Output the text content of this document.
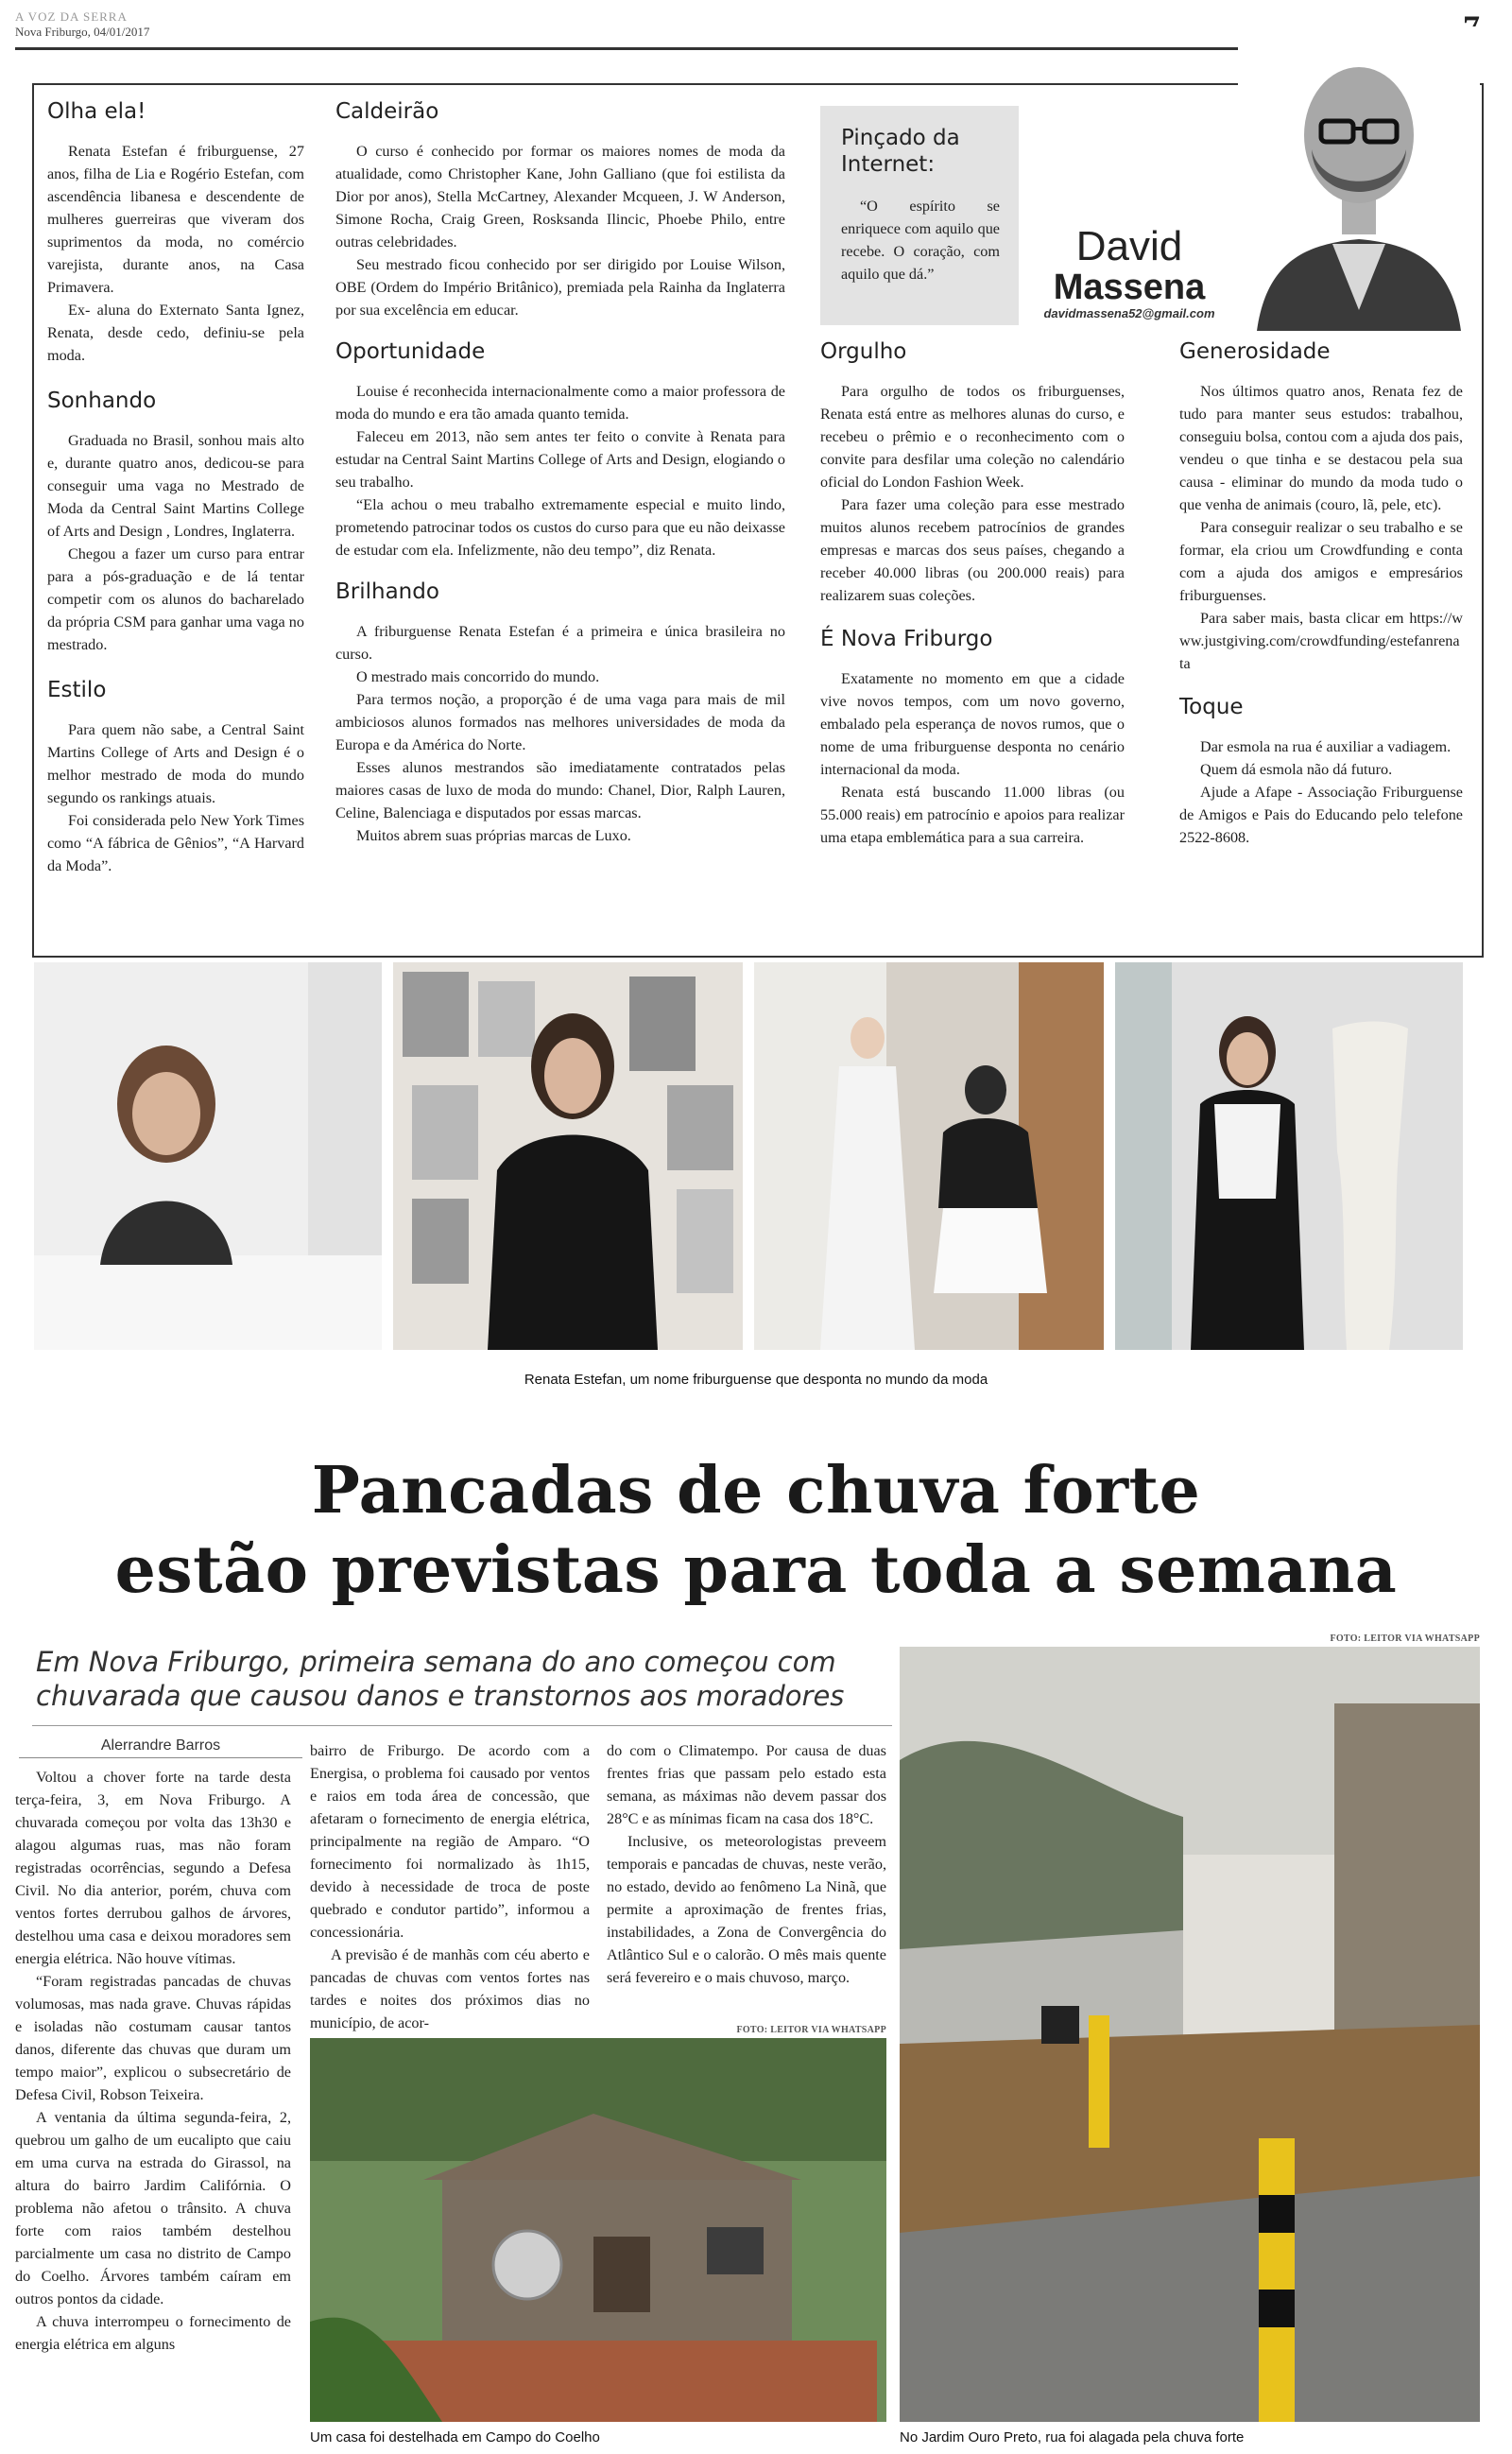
A VOZ DA SERRA
Nova Friburgo, 04/01/2017
Olha ela!

Renata Estefan é friburguense, 27 anos, filha de Lia e Rogério Estefan, com ascendência libanesa e descendente de mulheres guerreiras que viveram dos suprimentos da moda, no comércio varejista, durante anos, na Casa Primavera.

Ex- aluna do Externato Santa Ignez, Renata, desde cedo, definiu-se pela moda.

Sonhando

Graduada no Brasil, sonhou mais alto e, durante quatro anos, dedicou-se para conseguir uma vaga no Mestrado de Moda da Central Saint Martins College of Arts and Design , Londres, Inglaterra.

Chegou a fazer um curso para entrar para a pós-graduação e de lá tentar competir com os alunos do bacharelado da própria CSM para ganhar uma vaga no mestrado.

Estilo

Para quem não sabe, a Central Saint Martins College of Arts and Design é o melhor mestrado de moda do mundo segundo os rankings atuais.

Foi considerada pelo New York Times como “A fábrica de Gênios”, “A Harvard da Moda”.

Caldeirão

O curso é conhecido por formar os maiores nomes de moda da atualidade, como Christopher Kane, John Galliano (que foi estilista da Dior por anos), Stella McCartney, Alexander Mcqueen, J. W Anderson, Simone Rocha, Craig Green, Rosksanda Ilincic, Phoebe Philo, entre outras celebridades.

Seu mestrado ficou conhecido por ser dirigido por Louise Wilson, OBE (Ordem do Império Britânico), premiada pela Rainha da Inglaterra por sua excelência em educar.

Oportunidade

Louise é reconhecida internacionalmente como a maior professora de moda do mundo e era tão amada quanto temida.

Faleceu em 2013, não sem antes ter feito o convite à Renata para estudar na Central Saint Martins College of Arts and Design, elogiando o seu trabalho.

“Ela achou o meu trabalho extremamente especial e muito lindo, prometendo patrocinar todos os custos do curso para que eu não deixasse de estudar com ela. Infelizmente, não deu tempo”, diz Renata.

Brilhando

A friburguense Renata Estefan é a primeira e única brasileira no curso.

O mestrado mais concorrido do mundo.

Para termos noção, a proporção é de uma vaga para mais de mil ambiciosos alunos formados nas melhores universidades de moda da Europa e da América do Norte.

Esses alunos mestrandos são imediatamente contratados pelas maiores casas de luxo de moda do mundo: Chanel, Dior, Ralph Lauren, Celine, Balenciaga e disputados por essas marcas.

Muitos abrem suas próprias marcas de Luxo.

Pinçado da Internet:

“O espírito se enriquece com aquilo que recebe. O coração, com aquilo que dá.”

David
Massena
davidmassena52@gmail.com
Orgulho

Para orgulho de todos os friburguenses, Renata está entre as melhores alunas do curso, e recebeu o prêmio e o reconhecimento com o convite para desfilar uma coleção no calendário oficial do London Fashion Week.

Para fazer uma coleção para esse mestrado muitos alunos recebem patrocínios de grandes empresas e marcas dos seus países, chegando a receber 40.000 libras (ou 200.000 reais) para realizarem suas coleções.

É Nova Friburgo

Exatamente no momento em que a cidade vive novos tempos, com um novo governo, embalado pela esperança de novos rumos, que o nome de uma friburguense desponta no cenário internacional da moda.

Renata está buscando 11.000 libras (ou 55.000 reais) em patrocínio e apoios para realizar uma etapa emblemática para a sua carreira.

Generosidade

Nos últimos quatro anos, Renata fez de tudo para manter seus estudos: trabalhou, conseguiu bolsa, contou com a ajuda dos pais, vendeu o que tinha e se destacou pela sua causa - eliminar do mundo da moda tudo o que venha de animais (couro, lã, pele, etc).

Para conseguir realizar o seu trabalho e se formar, ela criou um Crowdfunding e conta com a ajuda dos amigos e empresários friburguenses.

Para saber mais, basta clicar em https://www.justgiving.com/crowdfunding/estefanrenata

Toque

Dar esmola na rua é auxiliar a vadiagem.

Quem dá esmola não dá futuro.

Ajude a Afape - Associação Friburguense de Amigos e Pais do Educando pelo telefone 2522-8608.

Renata Estefan, um nome friburguense que desponta no mundo da moda
Pancadas de chuva forte
estão previstas para toda a semana
Em Nova Friburgo, primeira semana do ano começou com
chuvarada que causou danos e transtornos aos moradores
Alerrandre Barros

Voltou a chover forte na tarde desta terça-feira, 3, em Nova Friburgo. A chuvarada começou por volta das 13h30 e alagou algumas ruas, mas não foram registradas ocorrências, segundo a Defesa Civil. No dia anterior, porém, chuva com ventos fortes derrubou galhos de árvores, destelhou uma casa e deixou moradores sem energia elétrica. Não houve vítimas.

“Foram registradas pancadas de chuvas volumosas, mas nada grave. Chuvas rápidas e isoladas não costumam causar tantos danos, diferente das chuvas que duram um tempo maior”, explicou o subsecretário de Defesa Civil, Robson Teixeira.

A ventania da última segunda-feira, 2, quebrou um galho de um eucalipto que caiu em uma curva na estrada do Girassol, na altura do bairro Jardim Califórnia. O problema não afetou o trânsito. A chuva forte com raios também destelhou parcialmente um casa no distrito de Campo do Coelho. Árvores também caíram em outros pontos da cidade.

A chuva interrompeu o fornecimento de energia elétrica em alguns

bairro de Friburgo. De acordo com a Energisa, o problema foi causado por ventos e raios em toda área de concessão, que afetaram o fornecimento de energia elétrica, principalmente na região de Amparo. “O fornecimento foi normalizado às 1h15, devido à necessidade de troca de poste quebrado e condutor partido”, informou a concessionária.

A previsão é de manhãs com céu aberto e pancadas de chuvas com ventos fortes nas tardes e noites dos próximos dias no município, de acor-

do com o Climatempo. Por causa de duas frentes frias que passam pelo estado esta semana, as máximas não devem passar dos 28°C e as mínimas ficam na casa dos 18°C.

Inclusive, os meteorologistas preveem temporais e pancadas de chuvas, neste verão, no estado, devido ao fenômeno La Ninã, que permite a aproximação de frentes frias, instabilidades, a Zona de Convergência do Atlântico Sul e o calorão. O mês mais quente será fevereiro e o mais chuvoso, março.

FOTO: LEITOR VIA WHATSAPP
FOTO: LEITOR VIA WHATSAPP
Um casa foi destelhada em Campo do Coelho	No Jardim Ouro Preto, rua foi alagada pela chuva forte
